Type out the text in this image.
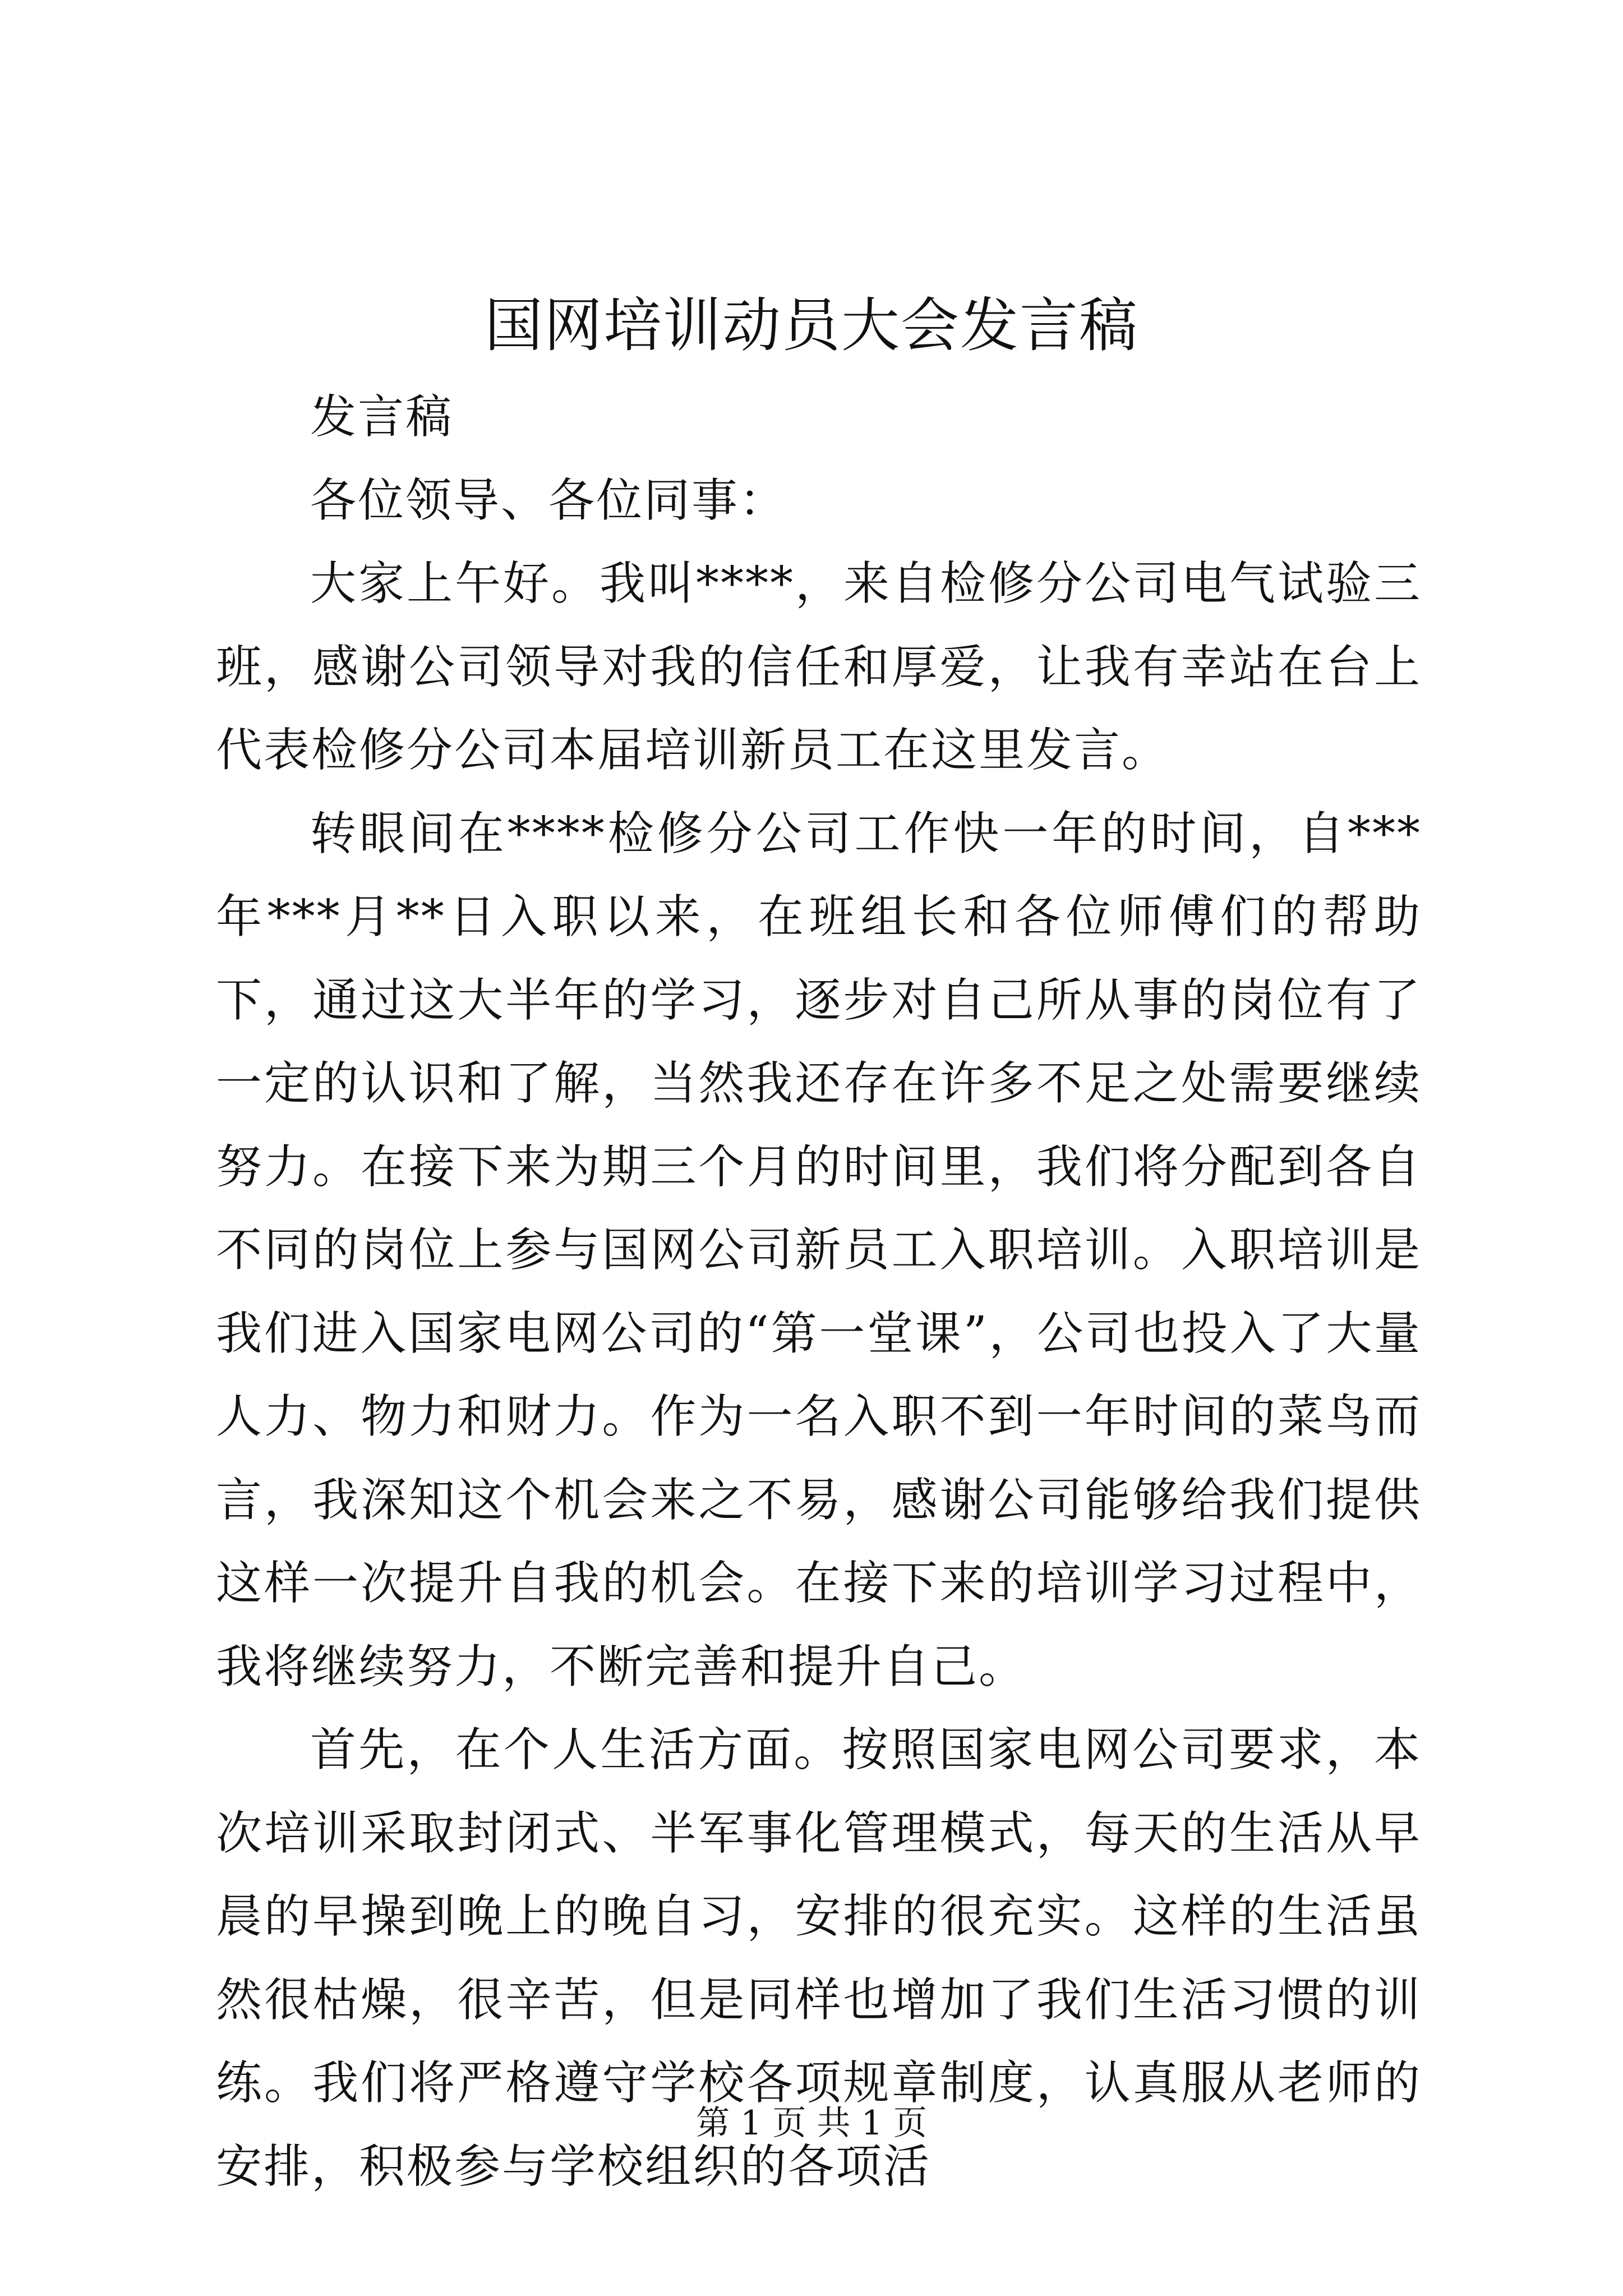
国网培训动员大会发言稿

发言稿

各位领导、各位同事：

大家上午好。我叫****，来自检修分公司电气试验三班，感谢公司领导对我的信任和厚爱，让我有幸站在台上代表检修分公司本届培训新员工在这里发言。

转眼间在****检修分公司工作快一年的时间，自***年***月**日入职以来，在班组长和各位师傅们的帮助下，通过这大半年的学习，逐步对自己所从事的岗位有了一定的认识和了解，当然我还存在许多不足之处需要继续努力。在接下来为期三个月的时间里，我们将分配到各自不同的岗位上参与国网公司新员工入职培训。入职培训是我们进入国家电网公司的“第一堂课”，公司也投入了大量人力、物力和财力。作为一名入职不到一年时间的菜鸟而言，我深知这个机会来之不易，感谢公司能够给我们提供这样一次提升自我的机会。在接下来的培训学习过程中，我将继续努力，不断完善和提升自己。

首先，在个人生活方面。按照国家电网公司要求，本次培训采取封闭式、半军事化管理模式，每天的生活从早晨的早操到晚上的晚自习，安排的很充实。这样的生活虽然很枯燥，很辛苦，但是同样也增加了我们生活习惯的训练。我们将严格遵守学校各项规章制度，认真服从老师的安排，积极参与学校组织的各项活

第 1 页 共 1 页
